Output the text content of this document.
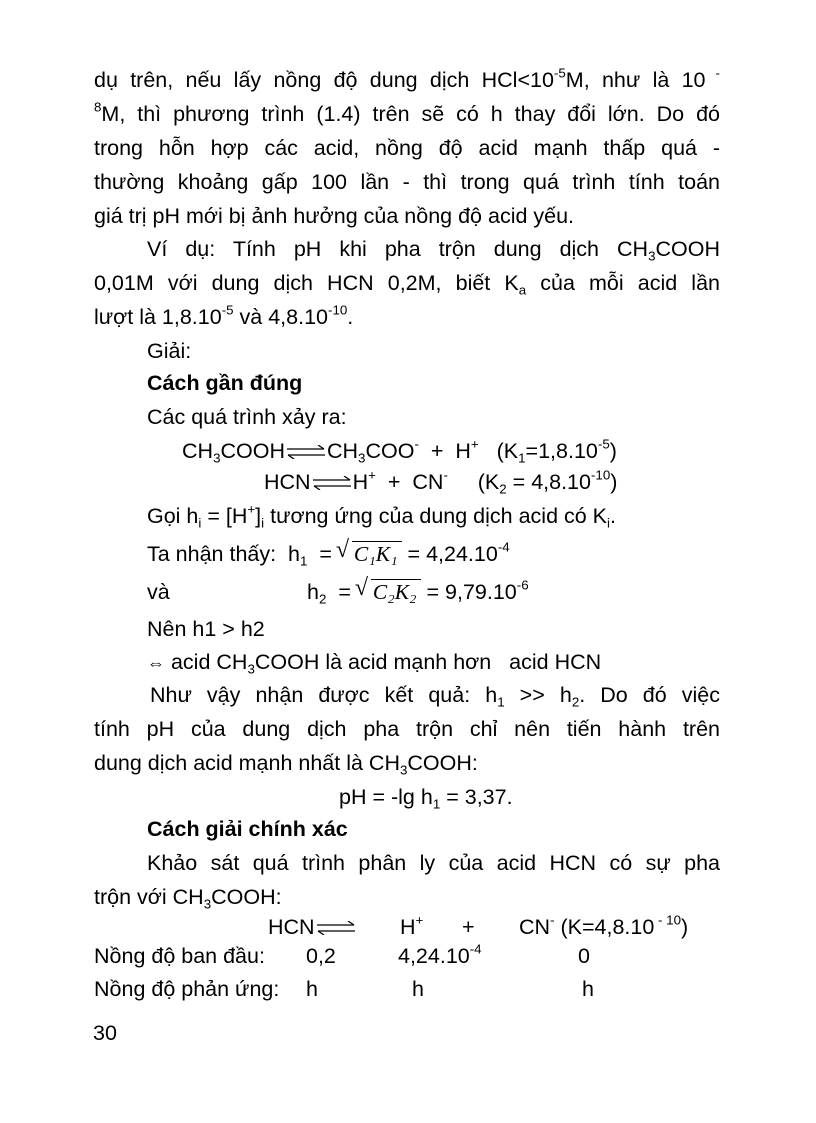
dụ trên, nếu lấy nồng độ dung dịch $HCl<10^{-5}M$, như là 10 -
$^8$M, thì phương trình (1.4) trên sẽ có h thay đổi lớn. Do đó
trong hỗn hợp các acid, nồng độ acid mạnh thấp quá -
thường khoảng gấp 100 lần - thì trong quá trình tính toán
giá trị pH mới bị ảnh hưởng của nồng độ acid yếu.
Ví dụ: Tính pH khi pha trộn dung dịch $CH_3COOH$
0,01M với dung dịch HCN 0,2M, biết $K_a$ của mỗi acid lần
lượt là $1,8.10^{-5}$ và $4,8.10^{-10}$.
Giải:
Cách gần đúng
Các quá trình xảy ra:
$CH_3COOH$ ⇌ $CH_3COO^- + H^+$   $(K_1=1,8.10^{-5})$
HCN ⇌ H+  +  CN-     $(K_2 = 4,8.10^{-10})$
Gọi $h_i = [H^+]_i$ tương ứng của dung dịch acid có $K_i$.
Ta nhận thấy:  $h_1$  = √ $C_1K_1 = 4,24.10^{-4}$
và	$h_2$  = √ $C_2K_2 = 9,79.10^{-6}$
Nên h1 > h2
⇔ acid $CH_3COOH$ là acid mạnh hơn   acid HCN
Như vậy nhận được kết quả: $h_1 >> h_2$. Do đó việc
tính pH của dung dịch pha trộn chỉ nên tiến hành trên
dung dịch acid mạnh nhất là $CH_3COOH$:
pH = -lg $h_1 = 3,37$.
Cách giải chính xác
Khảo sát quá trình phân ly của acid HCN có sự pha
trộn với $CH_3COOH$:
HCN ⇌ H+ + CN- (K=4,8.10 $^{- 10}$)
Nồng độ ban đầu: 0,2	$4,24.10^{-4}$	0
Nồng độ phản ứng: h	h	h
30
